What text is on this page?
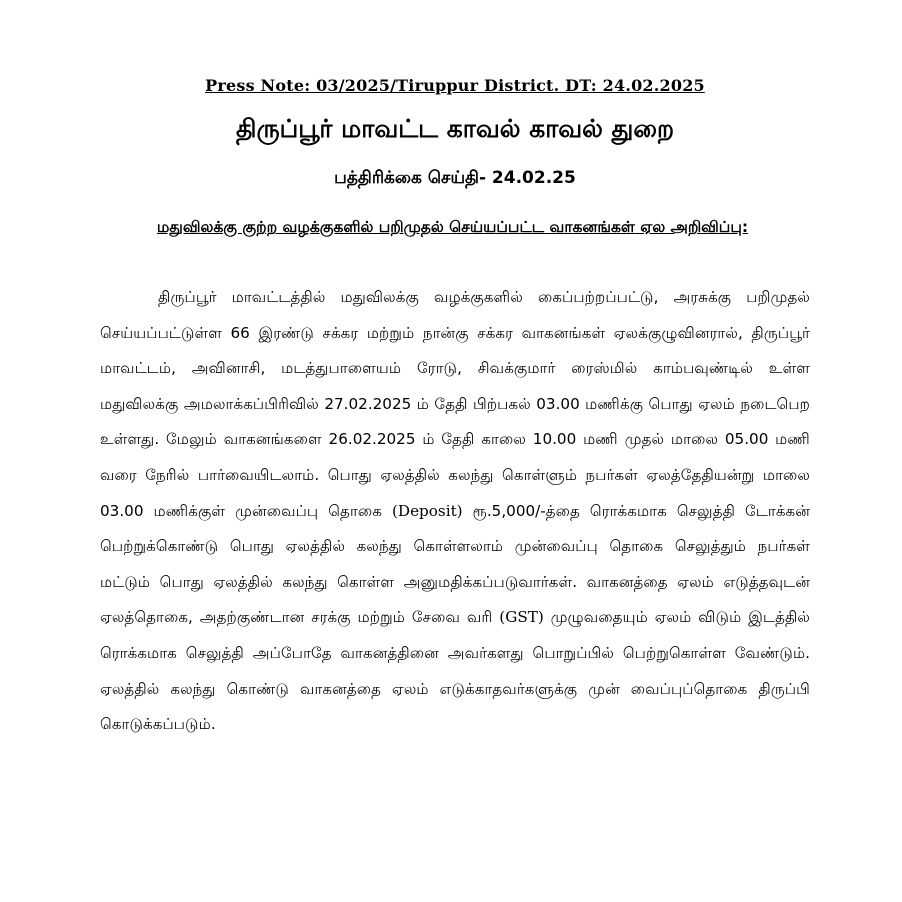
Press Note: 03/2025/Tiruppur District. DT: 24.02.2025
திருப்பூர் மாவட்ட காவல் காவல் துறை
பத்திரிக்கை செய்தி- 24.02.25
மதுவிலக்கு குற்ற வழக்குகளில் பறிமுதல் செய்யப்பட்ட வாகனங்கள் ஏல அறிவிப்பு:

திருப்பூர் மாவட்டத்தில் மதுவிலக்கு வழக்குகளில் கைப்பற்றப்பட்டு, அரசுக்கு பறிமுதல் செய்யப்பட்டுள்ள 66 இரண்டு சக்கர மற்றும் நான்கு சக்கர வாகனங்கள் ஏலக்குழுவினரால், திருப்பூர் மாவட்டம், அவினாசி, மடத்துபாளையம் ரோடு, சிவக்குமார் ரைஸ்மில் காம்பவுண்டில் உள்ள மதுவிலக்கு அமலாக்கப்பிரிவில் 27.02.2025 ம் தேதி பிற்பகல் 03.00 மணிக்கு பொது ஏலம் நடைபெற உள்ளது. மேலும் வாகனங்களை 26.02.2025 ம் தேதி காலை 10.00 மணி முதல் மாலை 05.00 மணி வரை நேரில் பார்வையிடலாம். பொது ஏலத்தில் கலந்து கொள்ளும் நபர்கள் ஏலத்தேதியன்று மாலை 03.00 மணிக்குள் முன்வைப்பு தொகை (Deposit) ரூ.5,000/-த்தை ரொக்கமாக செலுத்தி டோக்கன் பெற்றுக்கொண்டு பொது ஏலத்தில் கலந்து கொள்ளலாம் முன்வைப்பு தொகை செலுத்தும் நபர்கள் மட்டும் பொது ஏலத்தில் கலந்து கொள்ள அனுமதிக்கப்படுவார்கள். வாகனத்தை ஏலம் எடுத்தவுடன் ஏலத்தொகை, அதற்குண்டான சரக்கு மற்றும் சேவை வரி (GST) முழுவதையும் ஏலம் விடும் இடத்தில் ரொக்கமாக செலுத்தி அப்போதே வாகனத்தினை அவர்களது பொறுப்பில் பெற்றுகொள்ள வேண்டும். ஏலத்தில் கலந்து கொண்டு வாகனத்தை ஏலம் எடுக்காதவர்களுக்கு முன் வைப்புப்தொகை திருப்பி கொடுக்கப்படும்.
